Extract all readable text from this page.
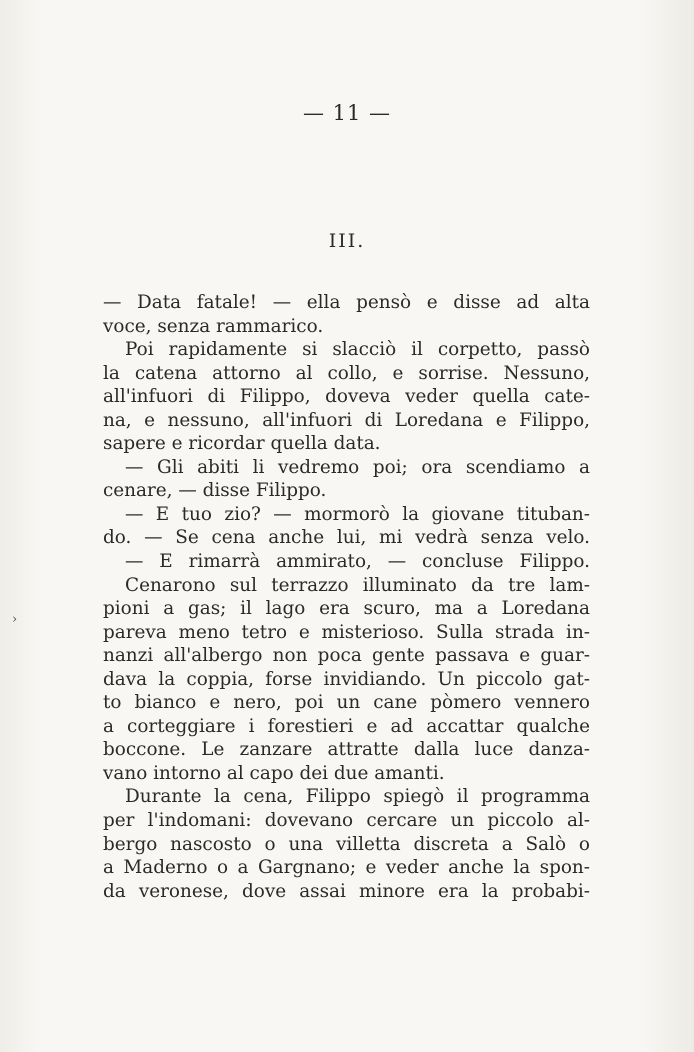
— 11 —
III.
— Data fatale! — ella pensò e disse ad alta
voce, senza rammarico.
Poi rapidamente si slacciò il corpetto, passò
la catena attorno al collo, e sorrise. Nessuno,
all'infuori di Filippo, doveva veder quella cate-
na, e nessuno, all'infuori di Loredana e Filippo,
sapere e ricordar quella data.
— Gli abiti li vedremo poi; ora scendiamo a
cenare, — disse Filippo.
— E tuo zio? — mormorò la giovane tituban-
do. — Se cena anche lui, mi vedrà senza velo.
— E rimarrà ammirato, — concluse Filippo.
Cenarono sul terrazzo illuminato da tre lam-
pioni a gas; il lago era scuro, ma a Loredana
pareva meno tetro e misterioso. Sulla strada in-
nanzi all'albergo non poca gente passava e guar-
dava la coppia, forse invidiando. Un piccolo gat-
to bianco e nero, poi un cane pòmero vennero
a corteggiare i forestieri e ad accattar qualche
boccone. Le zanzare attratte dalla luce danza-
vano intorno al capo dei due amanti.
Durante la cena, Filippo spiegò il programma
per l'indomani: dovevano cercare un piccolo al-
bergo nascosto o una villetta discreta a Salò o
a Maderno o a Gargnano; e veder anche la spon-
da veronese, dove assai minore era la probabi-
›
